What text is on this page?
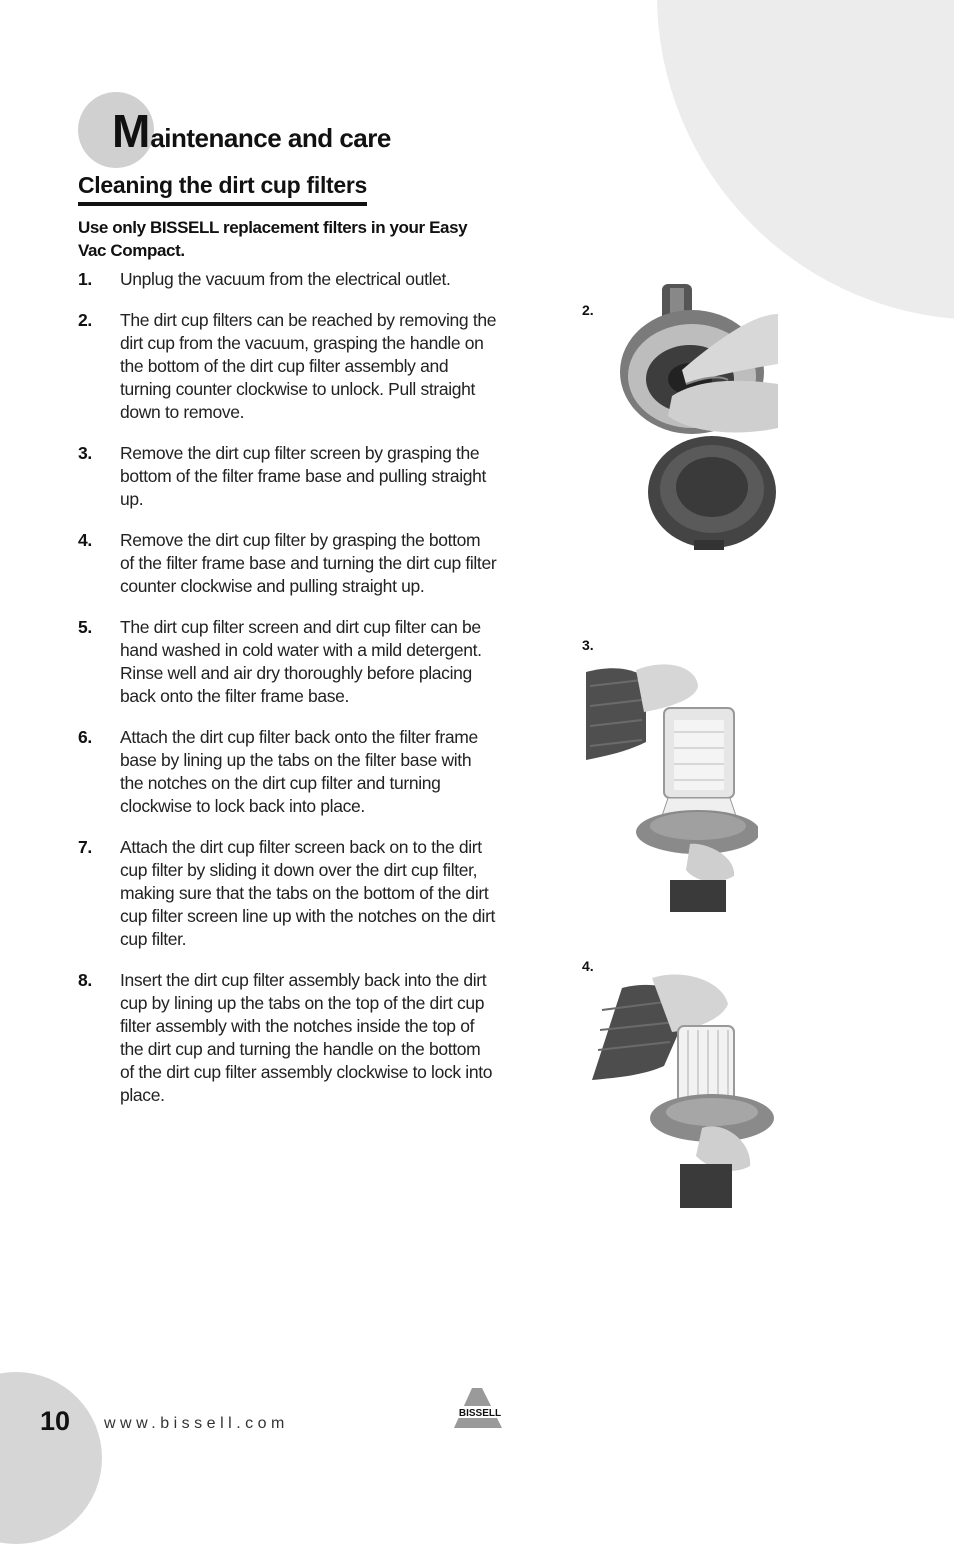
Maintenance and care
Cleaning the dirt cup filters

Use only BISSELL replacement filters in your Easy Vac Compact.

1. Unplug the vacuum from the electrical outlet.
2. The dirt cup filters can be reached by removing the dirt cup from the vacuum, grasping the handle on the bottom of the dirt cup filter assembly and turning counter clockwise to unlock. Pull straight down to remove.
3. Remove the dirt cup filter screen by grasping the bottom of the filter frame base and pulling straight up.
4. Remove the dirt cup filter by grasping the bottom of the filter frame base and turning the dirt cup filter counter clockwise and pulling straight up.
5. The dirt cup filter screen and dirt cup filter can be hand washed in cold water with a mild detergent. Rinse well and air dry thoroughly before placing back onto the filter frame base.
6. Attach the dirt cup filter back onto the filter frame base by lining up the tabs on the filter base with the notches on the dirt cup filter and turning clockwise to lock back into place.
7. Attach the dirt cup filter screen back on to the dirt cup filter by sliding it down over the dirt cup filter, making sure that the tabs on the bottom of the dirt cup filter screen line up with the notches on the dirt cup filter.
8. Insert the dirt cup filter assembly back into the dirt cup by lining up the tabs on the top of the dirt cup filter assembly with the notches inside the top of the dirt cup and turning the handle on the bottom of the dirt cup filter assembly clockwise to lock into place.
2.
3.
4.
10 www.bissell.com
BISSELL
